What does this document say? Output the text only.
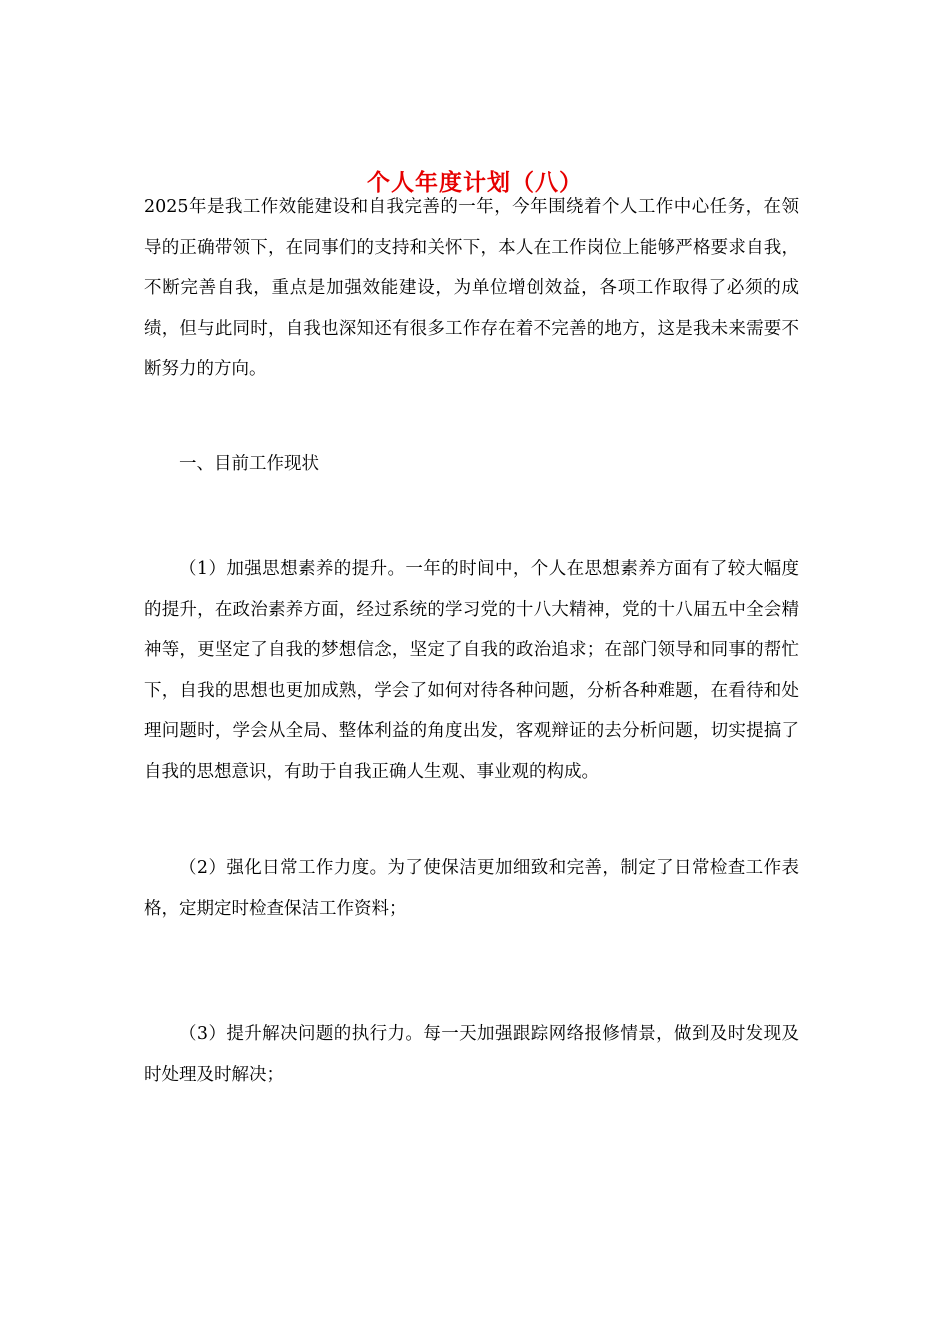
个人年度计划（八）

2025年是我工作效能建设和自我完善的一年，今年围绕着个人工作中心任务，在领导的正确带领下，在同事们的支持和关怀下，本人在工作岗位上能够严格要求自我，不断完善自我，重点是加强效能建设，为单位增创效益，各项工作取得了必须的成绩，但与此同时，自我也深知还有很多工作存在着不完善的地方，这是我未来需要不断努力的方向。

一、目前工作现状

（1）加强思想素养的提升。一年的时间中，个人在思想素养方面有了较大幅度的提升，在政治素养方面，经过系统的学习党的十八大精神，党的十八届五中全会精神等，更坚定了自我的梦想信念，坚定了自我的政治追求；在部门领导和同事的帮忙下，自我的思想也更加成熟，学会了如何对待各种问题，分析各种难题，在看待和处理问题时，学会从全局、整体利益的角度出发，客观辩证的去分析问题，切实提搞了自我的思想意识，有助于自我正确人生观、事业观的构成。

（2）强化日常工作力度。为了使保洁更加细致和完善，制定了日常检查工作表格，定期定时检查保洁工作资料；

（3）提升解决问题的执行力。每一天加强跟踪网络报修情景，做到及时发现及时处理及时解决；
